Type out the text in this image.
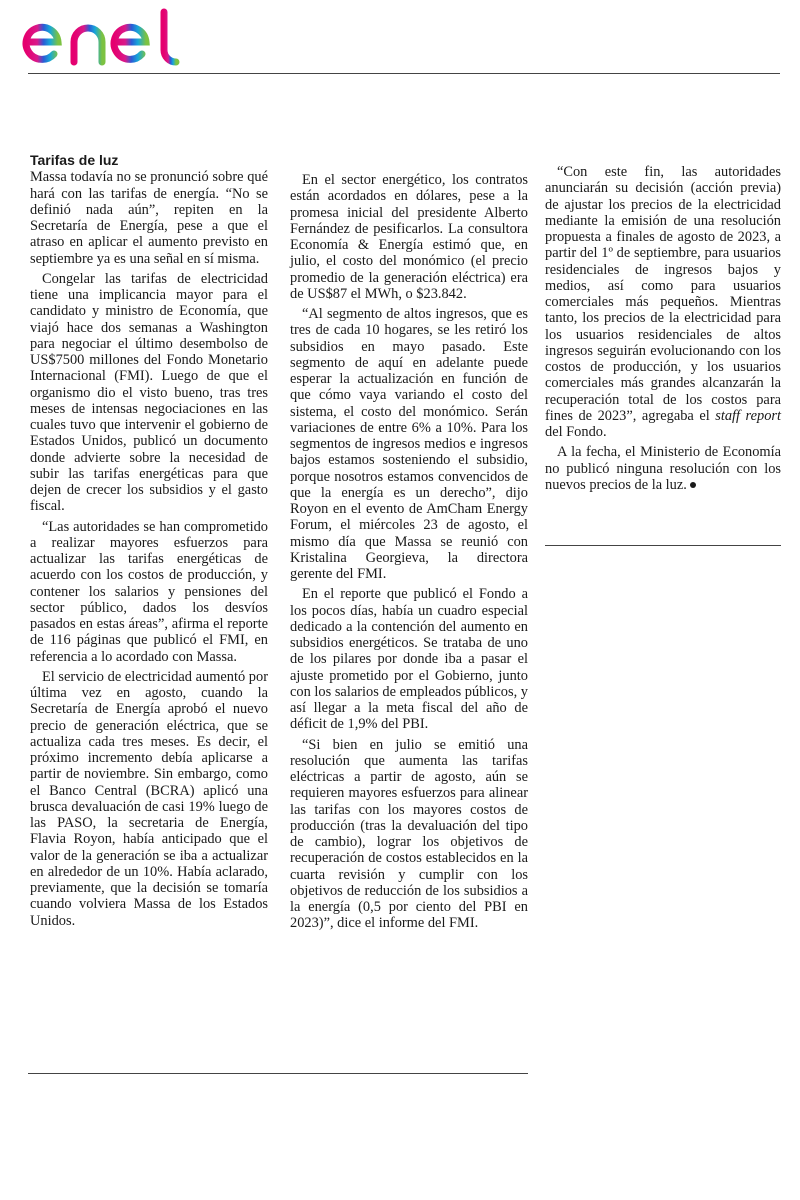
Tarifas de luz

Massa todavía no se pronunció sobre qué hará con las tarifas de energía. “No se definió nada aún”, repiten en la Secretaría de Energía, pese a que el atraso en aplicar el aumento previsto en septiembre ya es una señal en sí misma.

Congelar las tarifas de electricidad tiene una implicancia mayor para el candidato y ministro de Economía, que viajó hace dos semanas a Washington para negociar el último desembolso de US$7500 millones del Fondo Monetario Internacional (FMI). Luego de que el organismo dio el visto bueno, tras tres meses de intensas negociaciones en las cuales tuvo que intervenir el gobierno de Estados Unidos, publicó un documento donde advierte sobre la necesidad de subir las tarifas energéticas para que dejen de crecer los subsidios y el gasto fiscal.

“Las autoridades se han comprometido a realizar mayores esfuerzos para actualizar las tarifas energéticas de acuerdo con los costos de producción, y contener los salarios y pensiones del sector público, dados los desvíos pasados en estas áreas”, afirma el reporte de 116 páginas que publicó el FMI, en referencia a lo acordado con Massa.

El servicio de electricidad aumentó por última vez en agosto, cuando la Secretaría de Energía aprobó el nuevo precio de generación eléctrica, que se actualiza cada tres meses. Es decir, el próximo incremento debía aplicarse a partir de noviembre. Sin embargo, como el Banco Central (BCRA) aplicó una brusca devaluación de casi 19% luego de las PASO, la secretaria de Energía, Flavia Royon, había anticipado que el valor de la generación se iba a actualizar en alrededor de un 10%. Había aclarado, previamente, que la decisión se tomaría cuando volviera Massa de los Estados Unidos.

En el sector energético, los contratos están acordados en dólares, pese a la promesa inicial del presidente Alberto Fernández de pesificarlos. La consultora Economía & Energía estimó que, en julio, el costo del monómico (el precio promedio de la generación eléctrica) era de US$87 el MWh, o $23.842.

“Al segmento de altos ingresos, que es tres de cada 10 hogares, se les retiró los subsidios en mayo pasado. Este segmento de aquí en adelante puede esperar la actualización en función de que cómo vaya variando el costo del sistema, el costo del monómico. Serán variaciones de entre 6% a 10%. Para los segmentos de ingresos medios e ingresos bajos estamos sosteniendo el subsidio, porque nosotros estamos convencidos de que la energía es un derecho”, dijo Royon en el evento de AmCham Energy Forum, el miércoles 23 de agosto, el mismo día que Massa se reunió con Kristalina Georgieva, la directora gerente del FMI.

En el reporte que publicó el Fondo a los pocos días, había un cuadro especial dedicado a la contención del aumento en subsidios energéticos. Se trataba de uno de los pilares por donde iba a pasar el ajuste prometido por el Gobierno, junto con los salarios de empleados públicos, y así llegar a la meta fiscal del año de déficit de 1,9% del PBI.

“Si bien en julio se emitió una resolución que aumenta las tarifas eléctricas a partir de agosto, aún se requieren mayores esfuerzos para alinear las tarifas con los mayores costos de producción (tras la devaluación del tipo de cambio), lograr los objetivos de recuperación de costos establecidos en la cuarta revisión y cumplir con los objetivos de reducción de los subsidios a la energía (0,5 por ciento del PBI en 2023)”, dice el informe del FMI.

“Con este fin, las autoridades anunciarán su decisión (acción previa) de ajustar los precios de la electricidad mediante la emisión de una resolución propuesta a finales de agosto de 2023, a partir del 1º de septiembre, para usuarios residenciales de ingresos bajos y medios, así como para usuarios comerciales más pequeños. Mientras tanto, los precios de la electricidad para los usuarios residenciales de altos ingresos seguirán evolucionando con los costos de producción, y los usuarios comerciales más grandes alcanzarán la recuperación total de los costos para fines de 2023”, agregaba el staff report del Fondo.

A la fecha, el Ministerio de Economía no publicó ninguna resolución con los nuevos precios de la luz.
